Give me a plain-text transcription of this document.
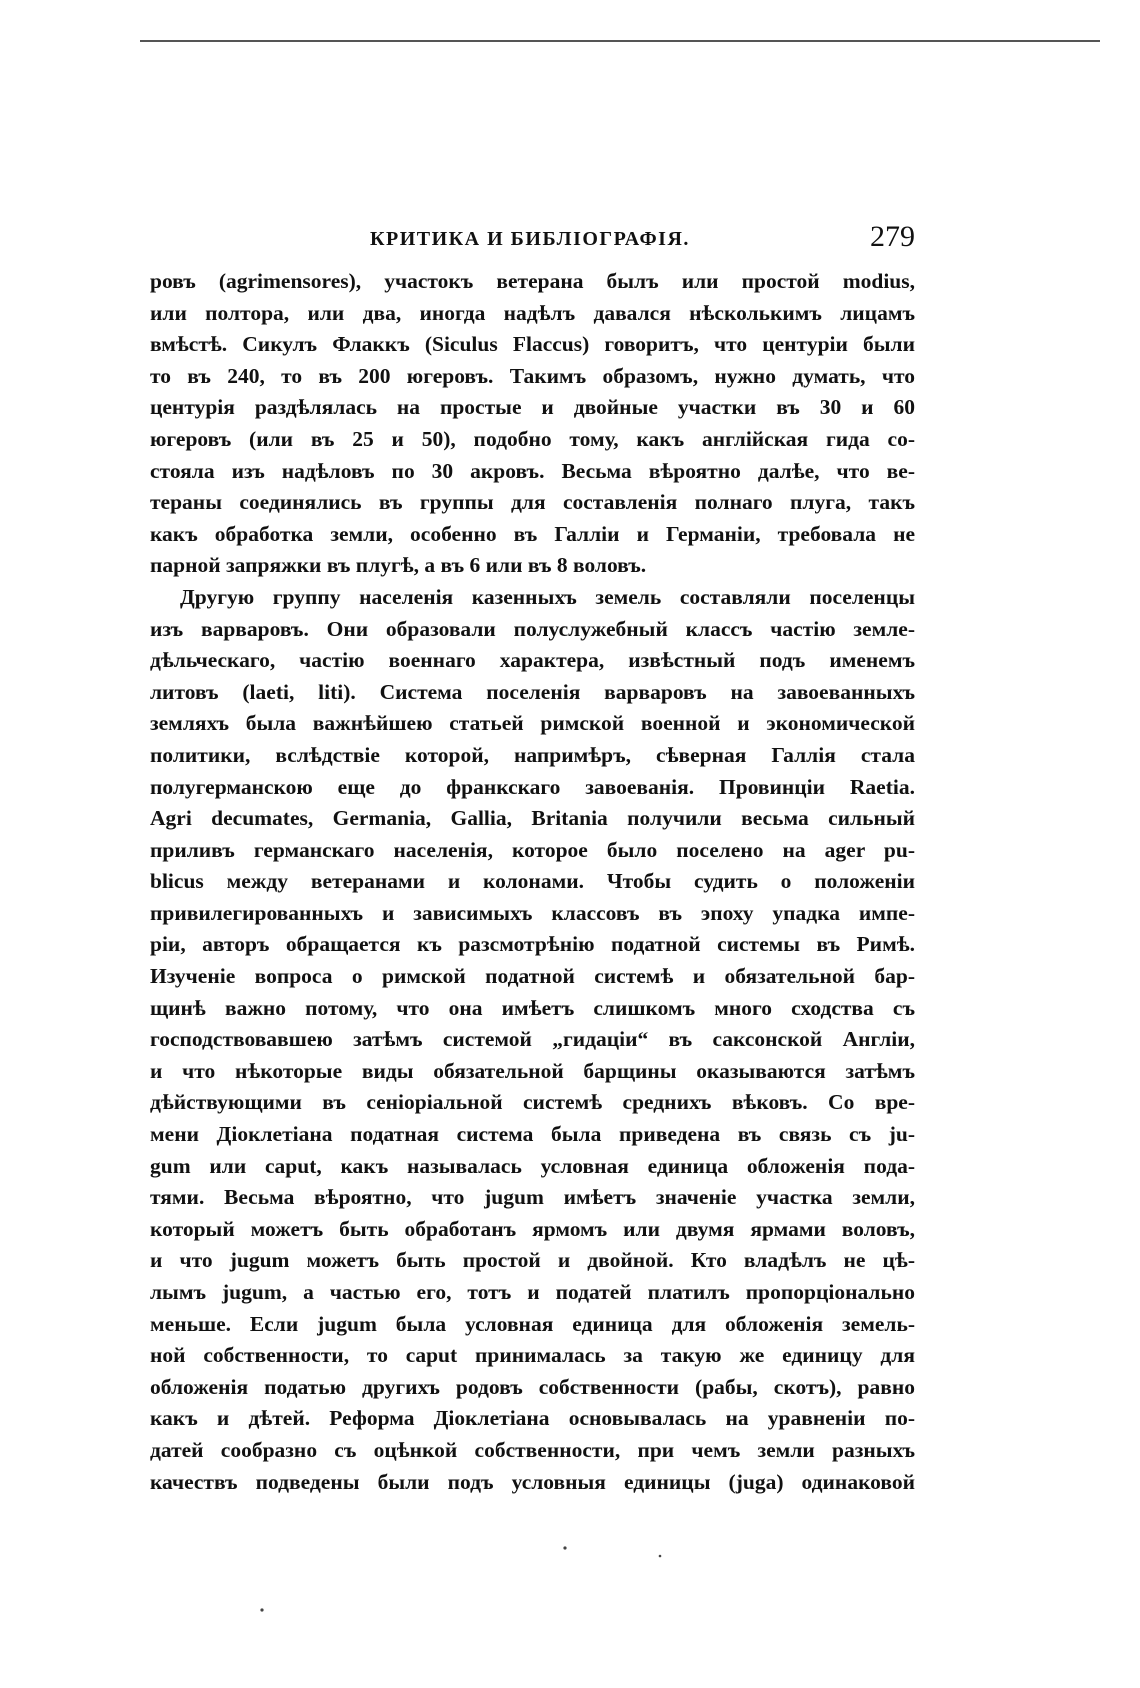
КРИТИКА И БИБЛІОГРАФІЯ.	279
ровъ (agrimensores), участокъ ветерана былъ или простой modius,
или полтора, или два, иногда надѣлъ давался нѣсколькимъ лицамъ
вмѣстѣ. Сикулъ Флаккъ (Siculus Flaccus) говоритъ, что центуріи были
то въ 240, то въ 200 югеровъ. Такимъ образомъ, нужно думать, что
центурія раздѣлялась на простые и двойные участки въ 30 и 60
югеровъ (или въ 25 и 50), подобно тому, какъ англійская гида со-
стояла изъ надѣловъ по 30 акровъ. Весьма вѣроятно далѣе, что ве-
тераны соединялись въ группы для составленія полнаго плуга, такъ
какъ обработка земли, особенно въ Галліи и Германіи, требовала не
парной запряжки въ плугѣ, а въ 6 или въ 8 воловъ.
Другую группу населенія казенныхъ земель составляли поселенцы
изъ варваровъ. Они образовали полуслужебный классъ частію земле-
дѣльческаго, частію военнаго характера, извѣстный подъ именемъ
литовъ (laeti, liti). Система поселенія варваровъ на завоеванныхъ
земляхъ была важнѣйшею статьей римской военной и экономической
политики, вслѣдствіе которой, напримѣръ, сѣверная Галлія стала
полугерманскою еще до франкскаго завоеванія. Провинціи Raetia.
Agri decumates, Germania, Gallia, Britania получили весьма сильный
приливъ германскаго населенія, которое было поселено на ager pu-
blicus между ветеранами и колонами. Чтобы судить о положеніи
привилегированныхъ и зависимыхъ классовъ въ эпоху упадка импе-
ріи, авторъ обращается къ разсмотрѣнію податной системы въ Римѣ.
Изученіе вопроса о римской податной системѣ и обязательной бар-
щинѣ важно потому, что она имѣетъ слишкомъ много сходства съ
господствовавшею затѣмъ системой „гидаціи“ въ саксонской Англіи,
и что нѣкоторые виды обязательной барщины оказываются затѣмъ
дѣйствующими въ сеніоріальной системѣ среднихъ вѣковъ. Со вре-
мени Діоклетіана податная система была приведена въ связь съ ju-
gum или caput, какъ называлась условная единица обложенія пода-
тями. Весьма вѣроятно, что jugum имѣетъ значеніе участка земли,
который можетъ быть обработанъ ярмомъ или двумя ярмами воловъ,
и что jugum можетъ быть простой и двойной. Кто владѣлъ не цѣ-
лымъ jugum, а частью его, тотъ и податей платилъ пропорціонально
меньше. Если jugum была условная единица для обложенія земель-
ной собственности, то caput принималась за такую же единицу для
обложенія податью другихъ родовъ собственности (рабы, скотъ), равно
какъ и дѣтей. Реформа Діоклетіана основывалась на уравненіи по-
датей сообразно съ оцѣнкой собственности, при чемъ земли разныхъ
качествъ подведены были подъ условныя единицы (juga) одинаковой
